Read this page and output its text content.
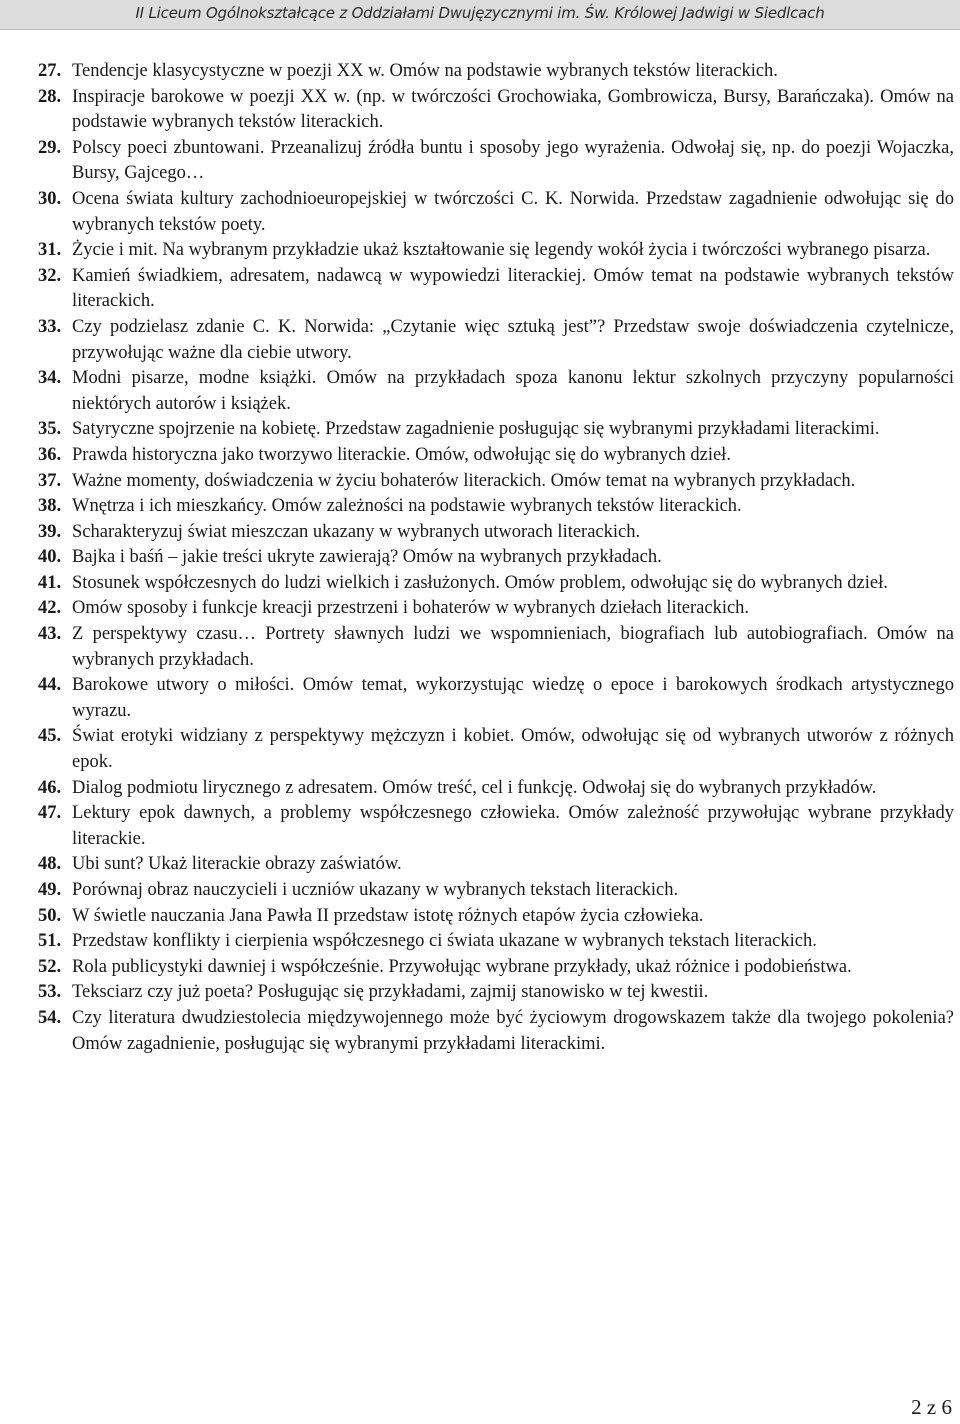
II Liceum Ogólnokształcące z Oddziałami Dwujęzycznymi im. Św. Królowej Jadwigi w Siedlcach
27. Tendencje klasycystyczne w poezji XX w. Omów na podstawie wybranych tekstów literackich.
28. Inspiracje barokowe w poezji XX w. (np. w twórczości Grochowiaka, Gombrowicza, Bursy, Barańczaka). Omów na podstawie wybranych tekstów literackich.
29. Polscy poeci zbuntowani. Przeanalizuj źródła buntu i sposoby jego wyrażenia. Odwołaj się, np. do poezji Wojaczka, Bursy, Gajcego…
30. Ocena świata kultury zachodnioeuropejskiej w twórczości C. K. Norwida. Przedstaw zagadnienie odwołując się do wybranych tekstów poety.
31. Życie i mit. Na wybranym przykładzie ukaż kształtowanie się legendy wokół życia i twórczości wybranego pisarza.
32. Kamień świadkiem, adresatem, nadawcą w wypowiedzi literackiej. Omów temat na podstawie wybranych tekstów literackich.
33. Czy podzielasz zdanie C. K. Norwida: „Czytanie więc sztuką jest”? Przedstaw swoje doświadczenia czytelnicze, przywołując ważne dla ciebie utwory.
34. Modni pisarze, modne książki. Omów na przykładach spoza kanonu lektur szkolnych przyczyny popularności niektórych autorów i książek.
35. Satyryczne spojrzenie na kobietę. Przedstaw zagadnienie posługując się wybranymi przykładami literackimi.
36. Prawda historyczna jako tworzywo literackie. Omów, odwołując się do wybranych dzieł.
37. Ważne momenty, doświadczenia w życiu bohaterów literackich. Omów temat na wybranych przykładach.
38. Wnętrza i ich mieszkańcy. Omów zależności na podstawie wybranych tekstów literackich.
39. Scharakteryzuj świat mieszczan ukazany w wybranych utworach literackich.
40. Bajka i baśń – jakie treści ukryte zawierają? Omów na wybranych przykładach.
41. Stosunek współczesnych do ludzi wielkich i zasłużonych. Omów problem, odwołując się do wybranych dzieł.
42. Omów sposoby i funkcje kreacji przestrzeni i bohaterów w wybranych dziełach literackich.
43. Z perspektywy czasu… Portrety sławnych ludzi we wspomnieniach, biografiach lub autobiografiach. Omów na wybranych przykładach.
44. Barokowe utwory o miłości. Omów temat, wykorzystując wiedzę o epoce i barokowych środkach artystycznego wyrazu.
45. Świat erotyki widziany z perspektywy mężczyzn i kobiet. Omów, odwołując się od wybranych utworów z różnych epok.
46. Dialog podmiotu lirycznego z adresatem. Omów treść, cel i funkcję. Odwołaj się do wybranych przykładów.
47. Lektury epok dawnych, a problemy współczesnego człowieka. Omów zależność przywołując wybrane przykłady literackie.
48. Ubi sunt? Ukaż literackie obrazy zaświatów.
49. Porównaj obraz nauczycieli i uczniów ukazany w wybranych tekstach literackich.
50. W świetle nauczania Jana Pawła II przedstaw istotę różnych etapów życia człowieka.
51. Przedstaw konflikty i cierpienia współczesnego ci świata ukazane w wybranych tekstach literackich.
52. Rola publicystyki dawniej i współcześnie. Przywołując wybrane przykłady, ukaż różnice i podobieństwa.
53. Teksciarz czy już poeta? Posługując się przykładami, zajmij stanowisko w tej kwestii.
54. Czy literatura dwudziestolecia międzywojennego może być życiowym drogowskazem także dla twojego pokolenia? Omów zagadnienie, posługując się wybranymi przykładami literackimi.
2 z 6
